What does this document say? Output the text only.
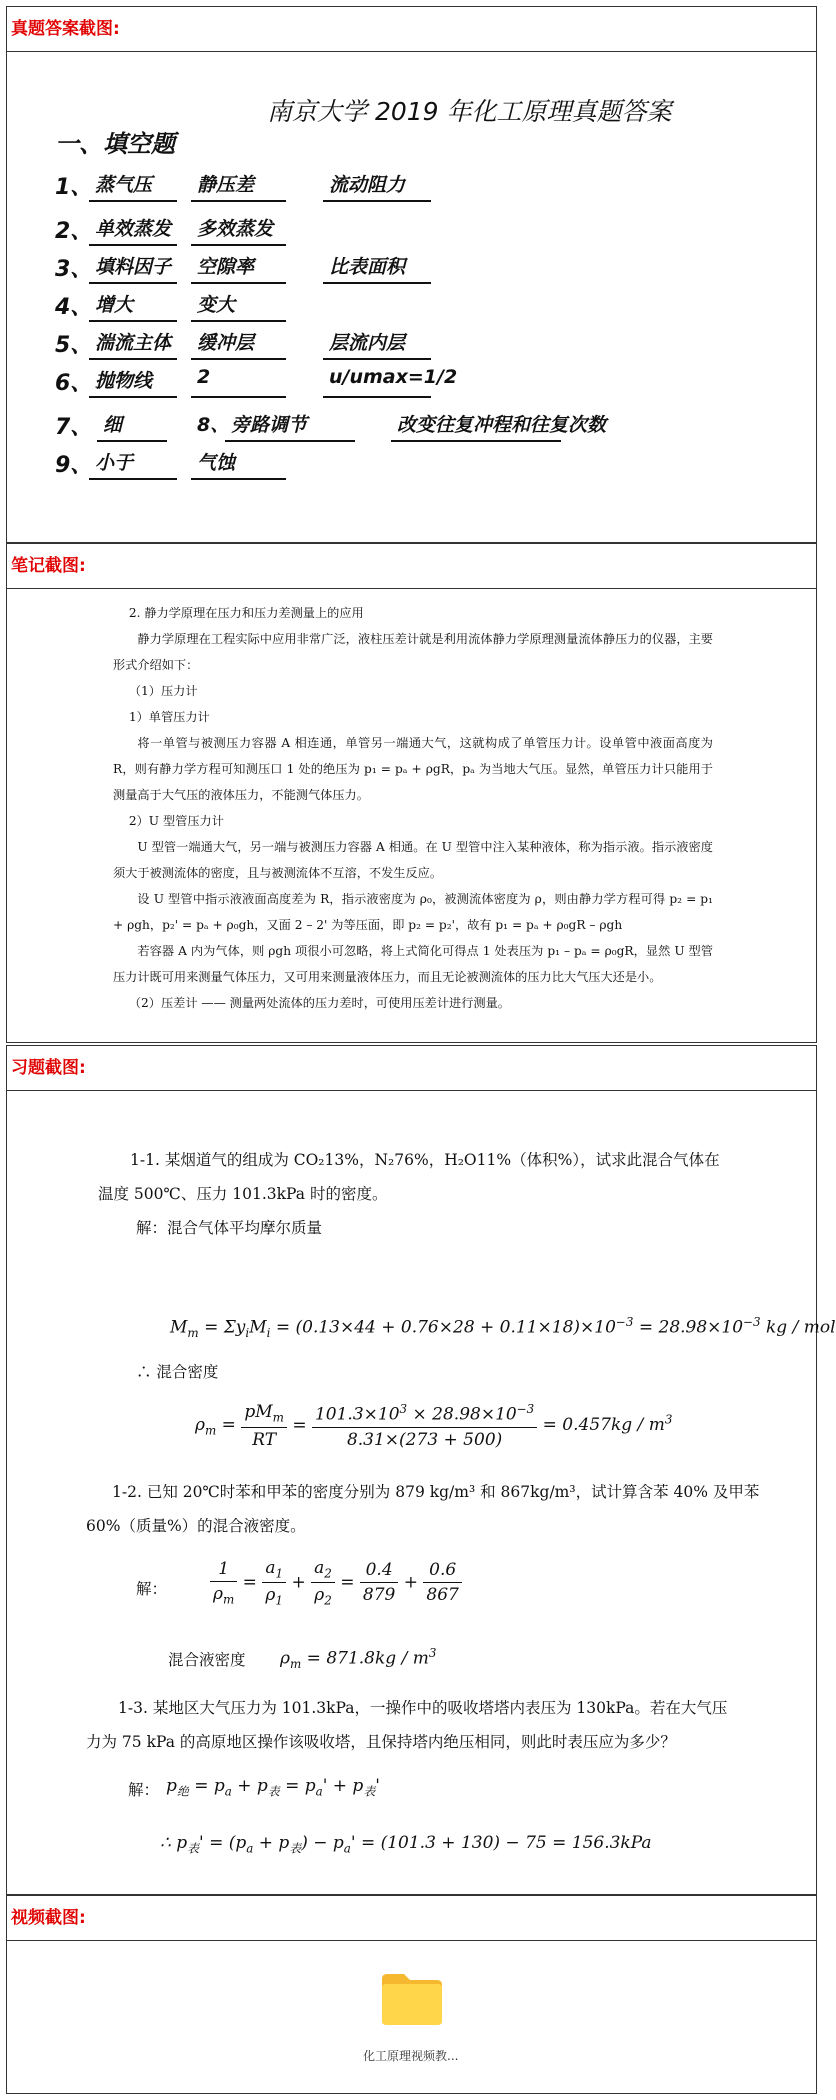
真题答案截图:
南京大学 2019 年化工原理真题答案
一、填空题
1、 蒸气压 静压差	流动阻力
2、 单效蒸发 多效蒸发
3、 填料因子 空隙率	比表面积
4、 增大	变大
5、 湍流主体 缓冲层	层流内层
6、 抛物线 2	u/umax=1/2
7、 细	8、 旁路调节	改变往复冲程和往复次数
9、 小于	气蚀
笔记截图:

2. 静力学原理在压力和压力差测量上的应用

静力学原理在工程实际中应用非常广泛，液柱压差计就是利用流体静力学原理测量流体静压力的仪器，主要形式介绍如下：

（1）压力计

1）单管压力计

将一单管与被测压力容器 A 相连通，单管另一端通大气，这就构成了单管压力计。设单管中液面高度为 R，则有静力学方程可知测压口 1 处的绝压为 p₁ = pₐ + ρgR，pₐ 为当地大气压。显然，单管压力计只能用于测量高于大气压的液体压力，不能测气体压力。

2）U 型管压力计

U 型管一端通大气，另一端与被测压力容器 A 相通。在 U 型管中注入某种液体，称为指示液。指示液密度须大于被测流体的密度，且与被测流体不互溶，不发生反应。

设 U 型管中指示液液面高度差为 R，指示液密度为 ρ₀，被测流体密度为 ρ，则由静力学方程可得 p₂ = p₁ + ρgh，p₂' = pₐ + ρ₀gh，又面 2 – 2' 为等压面，即 p₂ = p₂'，故有 p₁ = pₐ + ρ₀gR – ρgh

若容器 A 内为气体，则 ρgh 项很小可忽略，将上式简化可得点 1 处表压为 p₁ – pₐ = ρ₀gR，显然 U 型管压力计既可用来测量气体压力，又可用来测量液体压力，而且无论被测流体的压力比大气压大还是小。

（2）压差计 —— 测量两处流体的压力差时，可使用压差计进行测量。

习题截图:
1-1. 某烟道气的组成为 CO₂13%，N₂76%，H₂O11%（体积%），试求此混合气体在
温度 500℃、压力 101.3kPa 时的密度。
解：混合气体平均摩尔质量
$M_m = \Sigma y_iM_i = (0.13\times 44 + 0.76\times 28 + 0.11\times 18)\times 10^{-3} = 28.98\times 10^{-3}$ kg / mol
∴ 混合密度
$\rho_m = \frac{pM_m}{RT} = \frac{101.3\times 10^3 \times 28.98\times 10^{-3}}{8.31\times(273 + 500)} = 0.457kg / m^3$
1-2. 已知 20℃时苯和甲苯的密度分别为 879 kg/m³ 和 867kg/m³，试计算含苯 40% 及甲苯
60%（质量%）的混合液密度。
解：	$\frac{1}{\rho_m} = \frac{a_1}{\rho_1} + \frac{a_2}{\rho_2} = \frac{0.4}{879} + \frac{0.6}{867}$
混合液密度 $\rho_m = 871.8kg / m^3$
1-3. 某地区大气压力为 101.3kPa，一操作中的吸收塔塔内表压为 130kPa。若在大气压
力为 75 kPa 的高原地区操作该吸收塔，且保持塔内绝压相同，则此时表压应为多少？
解： $p_绝 = p_a + p_表 = p_a' + p_表'$
∴ $p_表' = (p_a + p_表) - p_a' = (101.3 + 130) - 75 = 156.3kPa$
视频截图:
化工原理视频教...
